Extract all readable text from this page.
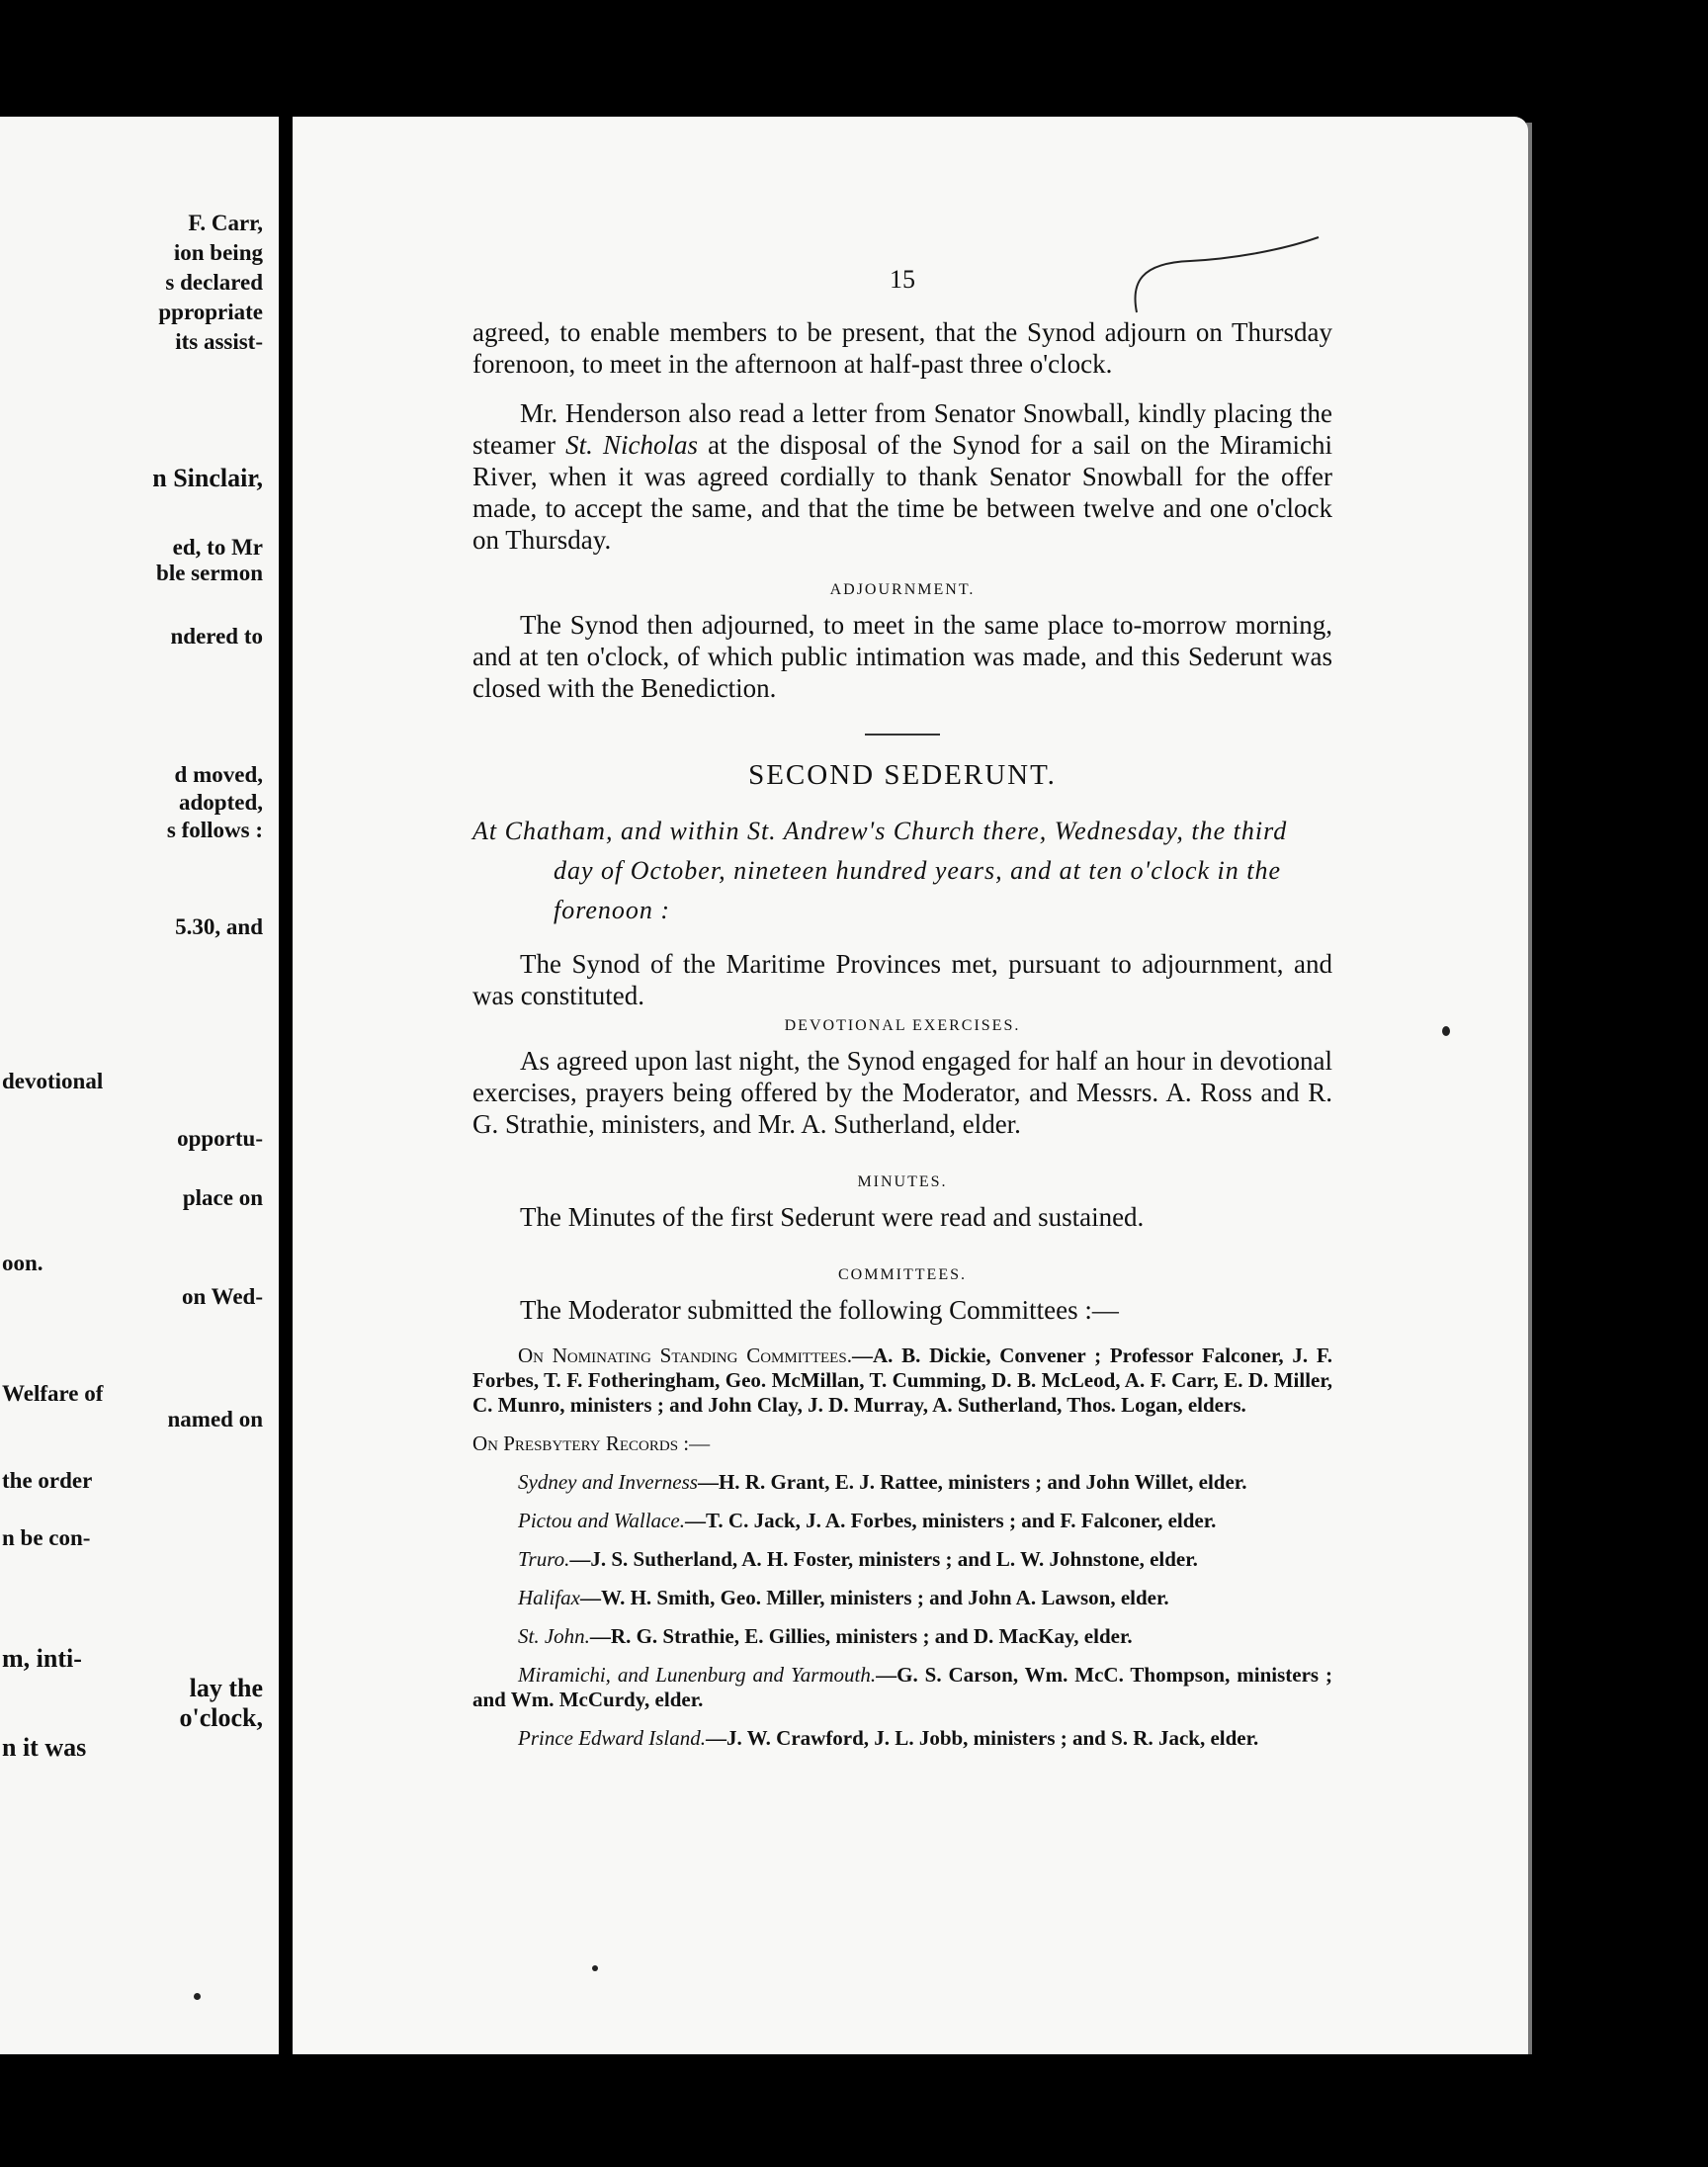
F. Carr,
ion being
s declared
ppropriate
its assist-
n Sinclair,
ed, to Mr
ble sermon
ndered to
d moved,
adopted,
s follows :
5.30, and
devotional
opportu-
place on
oon.
on Wed-
Welfare of
named on
the order
n be con-
m, inti-
lay the
o'clock,
n it was
15

agreed, to enable members to be present, that the Synod adjourn on Thursday forenoon, to meet in the afternoon at half-past three o'clock.

Mr. Henderson also read a letter from Senator Snowball, kindly placing the steamer St. Nicholas at the disposal of the Synod for a sail on the Miramichi River, when it was agreed cordially to thank Senator Snowball for the offer made, to accept the same, and that the time be between twelve and one o'clock on Thursday.

ADJOURNMENT.

The Synod then adjourned, to meet in the same place to-morrow morning, and at ten o'clock, of which public intimation was made, and this Sederunt was closed with the Benediction.

SECOND SEDERUNT.

At Chatham, and within St. Andrew's Church there, Wednesday, the third day of October, nineteen hundred years, and at ten o'clock in the forenoon :

The Synod of the Maritime Provinces met, pursuant to adjournment, and was constituted.

DEVOTIONAL EXERCISES.

As agreed upon last night, the Synod engaged for half an hour in devotional exercises, prayers being offered by the Moderator, and Messrs. A. Ross and R. G. Strathie, ministers, and Mr. A. Sutherland, elder.

MINUTES.

The Minutes of the first Sederunt were read and sustained.

COMMITTEES.

The Moderator submitted the following Committees :—

On Nominating Standing Committees.—A. B. Dickie, Convener ; Professor Falconer, J. F. Forbes, T. F. Fotheringham, Geo. McMillan, T. Cumming, D. B. McLeod, A. F. Carr, E. D. Miller, C. Munro, ministers ; and John Clay, J. D. Murray, A. Sutherland, Thos. Logan, elders.

On Presbytery Records :—

Sydney and Inverness—H. R. Grant, E. J. Rattee, ministers ; and John Willet, elder.

Pictou and Wallace.—T. C. Jack, J. A. Forbes, ministers ; and F. Falconer, elder.

Truro.—J. S. Sutherland, A. H. Foster, ministers ; and L. W. Johnstone, elder.

Halifax—W. H. Smith, Geo. Miller, ministers ; and John A. Lawson, elder.

St. John.—R. G. Strathie, E. Gillies, ministers ; and D. MacKay, elder.

Miramichi, and Lunenburg and Yarmouth.—G. S. Carson, Wm. McC. Thompson, ministers ; and Wm. McCurdy, elder.

Prince Edward Island.—J. W. Crawford, J. L. Jobb, ministers ; and S. R. Jack, elder.
